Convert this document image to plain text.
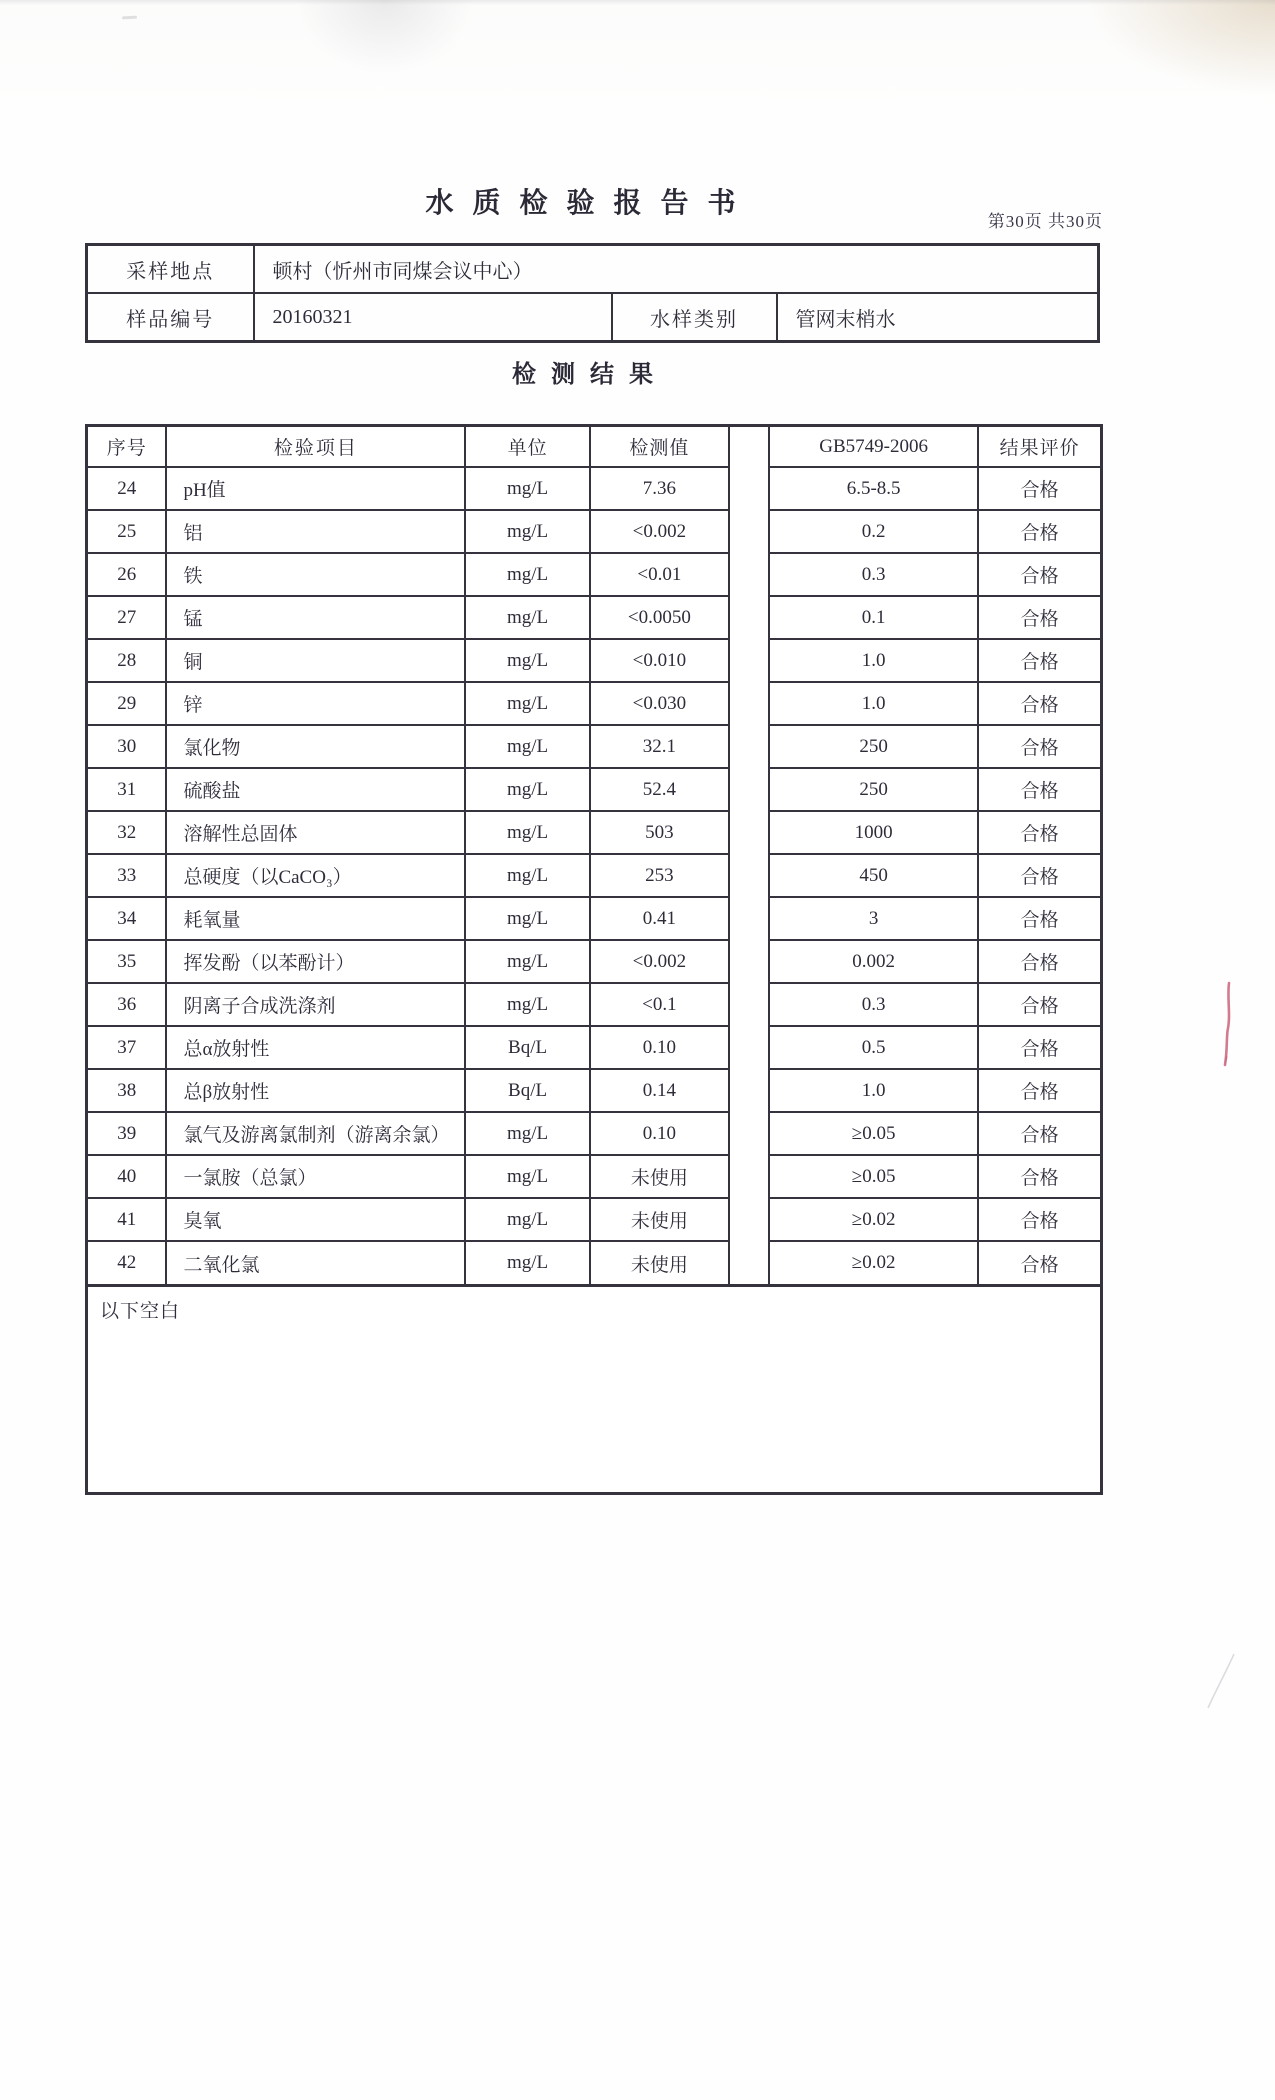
水质检验报告书
第30页 共30页
采样地点	顿村（忻州市同煤会议中心）		
样品编号	20160321	水样类别	管网末梢水
检测结果
序号	检验项目	单位	检测值		GB5749-2006	结果评价
24	pH值	mg/L	7.36		6.5-8.5	合格
25	铝	mg/L	<0.002		0.2	合格
26	铁	mg/L	<0.01		0.3	合格
27	锰	mg/L	<0.0050		0.1	合格
28	铜	mg/L	<0.010		1.0	合格
29	锌	mg/L	<0.030		1.0	合格
30	氯化物	mg/L	32.1		250	合格
31	硫酸盐	mg/L	52.4		250	合格
32	溶解性总固体	mg/L	503		1000	合格
33	总硬度（以CaCO₃）	mg/L	253		450	合格
34	耗氧量	mg/L	0.41		3	合格
35	挥发酚（以苯酚计）	mg/L	<0.002		0.002	合格
36	阴离子合成洗涤剂	mg/L	<0.1		0.3	合格
37	总α放射性	Bq/L	0.10		0.5	合格
38	总β放射性	Bq/L	0.14		1.0	合格
39	氯气及游离氯制剂（游离余氯）	mg/L	0.10		≥0.05	合格
40	一氯胺（总氯）	mg/L	未使用		≥0.05	合格
41	臭氧	mg/L	未使用		≥0.02	合格
42	二氧化氯	mg/L	未使用		≥0.02	合格
以下空白
